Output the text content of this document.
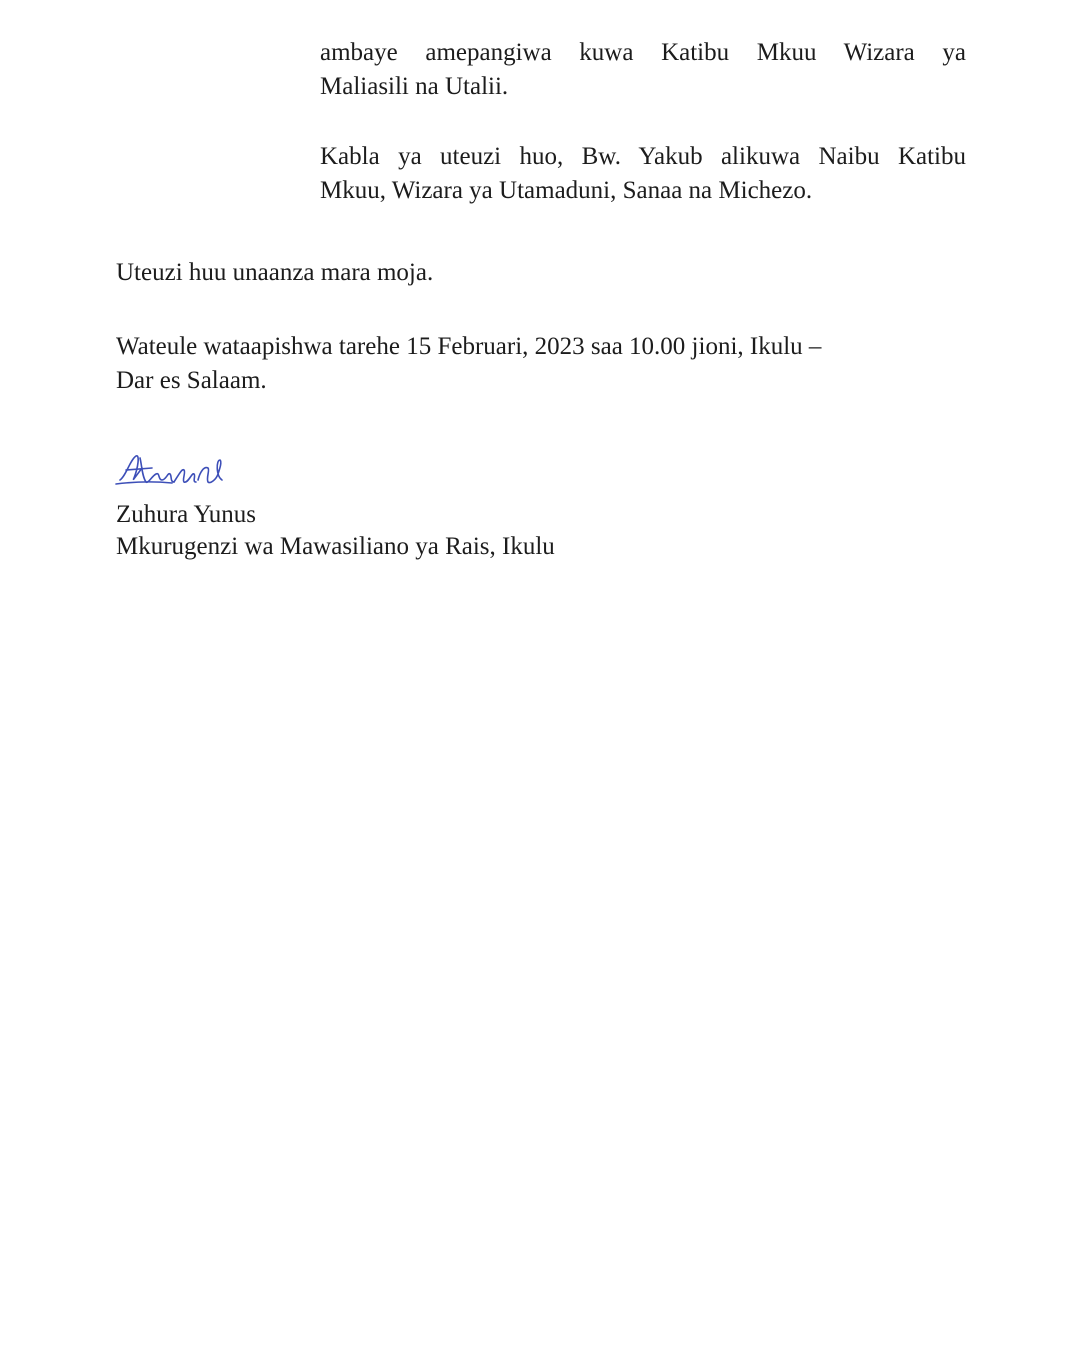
ambaye amepangiwa kuwa Katibu Mkuu Wizara ya
Maliasili na Utalii.

Kabla ya uteuzi huo, Bw. Yakub alikuwa Naibu Katibu
Mkuu, Wizara ya Utamaduni, Sanaa na Michezo.

Uteuzi huu unaanza mara moja.

Wateule wataapishwa tarehe 15 Februari, 2023 saa 10.00 jioni, Ikulu –
Dar es Salaam.

Zuhura Yunus

Mkurugenzi wa Mawasiliano ya Rais, Ikulu
